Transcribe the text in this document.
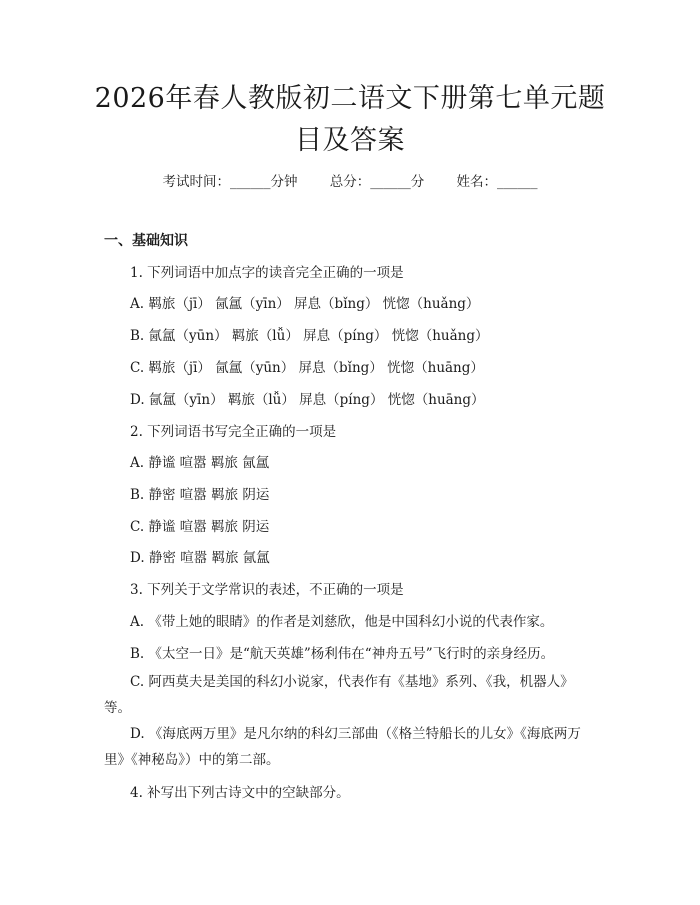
2026年春人教版初二语文下册第七单元题目及答案
考试时间：______分钟 总分：______分 姓名：______
一、基础知识
1. 下列词语中加点字的读音完全正确的一项是
A. 羁旅（jī） 氤氲（yīn） 屏息（bǐng） 恍惚（huǎng）
B. 氤氲（yūn） 羁旅（lǚ） 屏息（píng） 恍惚（huǎng）
C. 羁旅（jī） 氤氲（yūn） 屏息（bǐng） 恍惚（huāng）
D. 氤氲（yīn） 羁旅（lǚ） 屏息（píng） 恍惚（huāng）
2. 下列词语书写完全正确的一项是
A. 静谧 喧嚣 羁旅 氤氲
B. 静密 喧嚣 羁旅 阴运
C. 静谧 喧嚣 羁旅 阴运
D. 静密 喧嚣 羁旅 氤氲
3. 下列关于文学常识的表述，不正确的一项是
A. 《带上她的眼睛》的作者是刘慈欣，他是中国科幻小说的代表作家。
B. 《太空一日》是“航天英雄”杨利伟在“神舟五号”飞行时的亲身经历。
C. 阿西莫夫是美国的科幻小说家，代表作有《基地》系列、《我，机器人》等。
D. 《海底两万里》是凡尔纳的科幻三部曲（《格兰特船长的儿女》《海底两万里》《神秘岛》）中的第二部。
4. 补写出下列古诗文中的空缺部分。
